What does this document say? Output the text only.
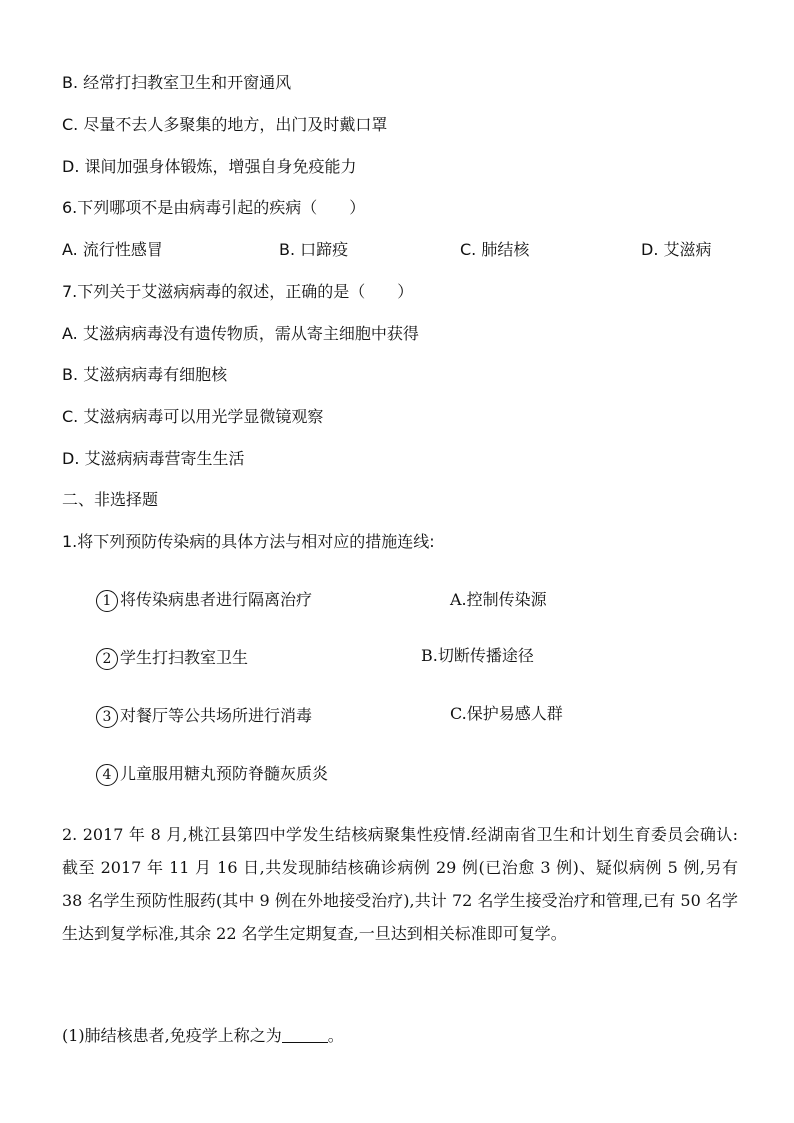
B. 经常打扫教室卫生和开窗通风
C. 尽量不去人多聚集的地方，出门及时戴口罩
D. 课间加强身体锻炼，增强自身免疫能力
6.下列哪项不是由病毒引起的疾病（　　）
A. 流行性感冒	B. 口蹄疫	C. 肺结核	D. 艾滋病
7.下列关于艾滋病病毒的叙述，正确的是（　　）
A. 艾滋病病毒没有遗传物质，需从寄主细胞中获得
B. 艾滋病病毒有细胞核
C. 艾滋病病毒可以用光学显微镜观察
D. 艾滋病病毒营寄生生活
二、非选择题
1.将下列预防传染病的具体方法与相对应的措施连线:
1 将传染病患者进行隔离治疗
2 学生打扫教室卫生
3 对餐厅等公共场所进行消毒
4 儿童服用糖丸预防脊髓灰质炎
A.控制传染源
B.切断传播途径
C.保护易感人群
2. 2017 年 8 月,桃江县第四中学发生结核病聚集性疫情.经湖南省卫生和计划生育委员会确认:截至 2017 年 11 月 16 日,共发现肺结核确诊病例 29 例(已治愈 3 例)、疑似病例 5 例,另有 38 名学生预防性服药(其中 9 例在外地接受治疗),共计 72 名学生接受治疗和管理,已有 50 名学生达到复学标准,其余 22 名学生定期复查,一旦达到相关标准即可复学。
(1)肺结核患者,免疫学上称之为	。
